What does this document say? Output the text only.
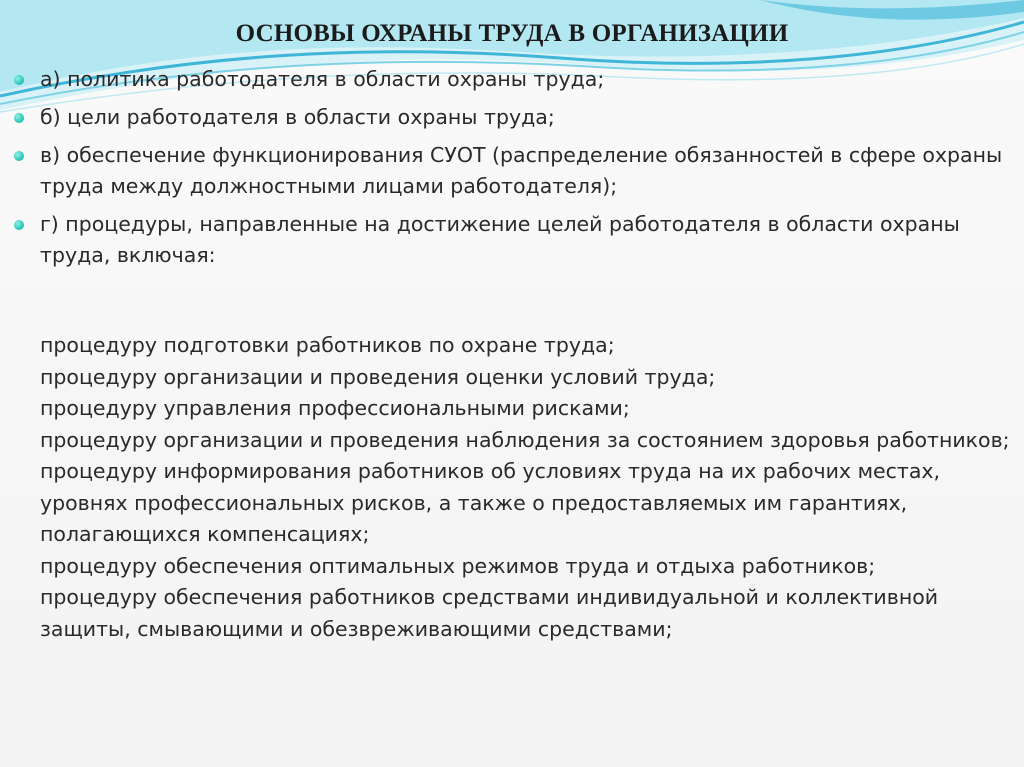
ОСНОВЫ ОХРАНЫ ТРУДА В ОРГАНИЗАЦИИ
а) политика работодателя в области охраны труда;
б) цели работодателя в области охраны труда;
в) обеспечение функционирования СУОТ (распределение обязанностей в сфере охраны труда между должностными лицами работодателя);
г) процедуры, направленные на достижение целей работодателя в области охраны труда, включая:
процедуру подготовки работников по охране труда;
процедуру организации и проведения оценки условий труда;
процедуру управления профессиональными рисками;
процедуру организации и проведения наблюдения за состоянием здоровья работников;
процедуру информирования работников об условиях труда на их рабочих местах, уровнях профессиональных рисков, а также о предоставляемых им гарантиях, полагающихся компенсациях;
процедуру обеспечения оптимальных режимов труда и отдыха работников;
процедуру обеспечения работников средствами индивидуальной и коллективной защиты, смывающими и обезвреживающими средствами;
